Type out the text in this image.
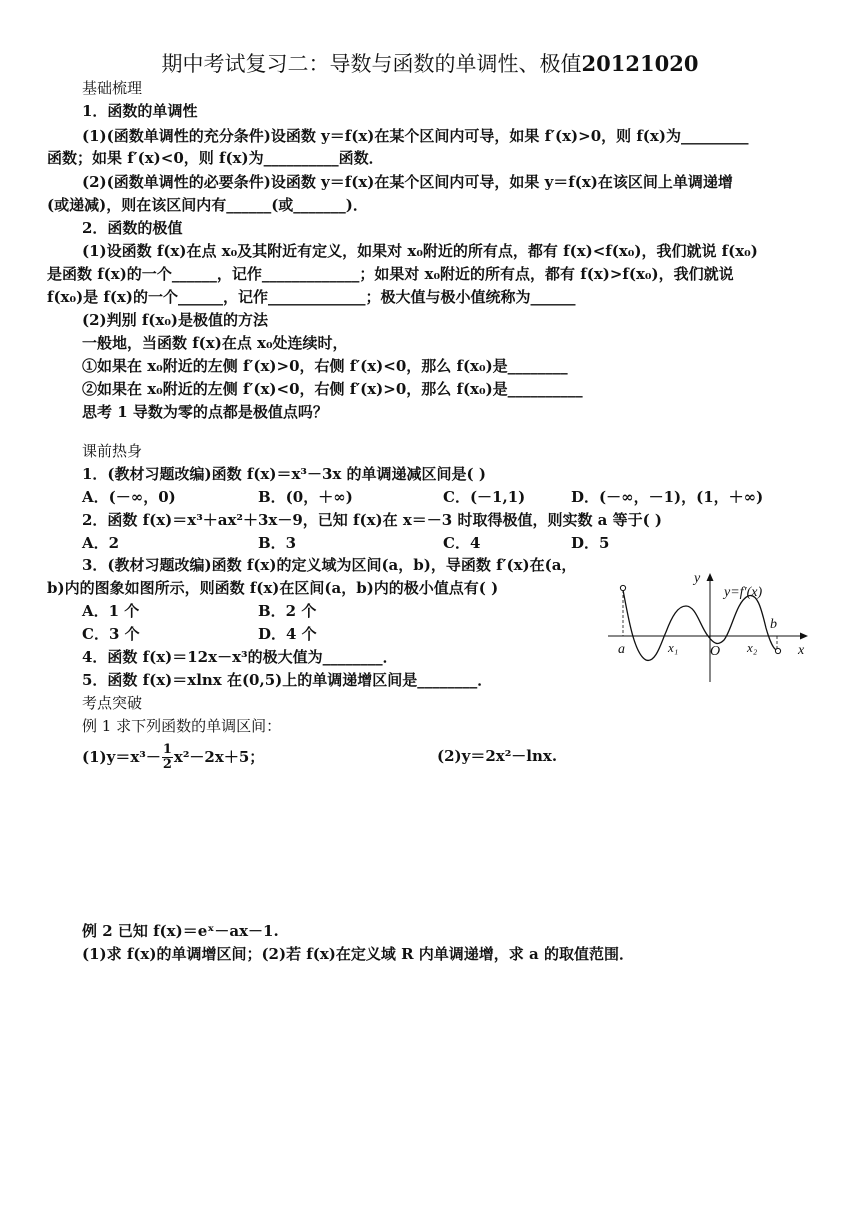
期中考试复习二：导数与函数的单调性、极值20121020
基础梳理
1．函数的单调性
(1)(函数单调性的充分条件)设函数 y＝f(x)在某个区间内可导，如果 f′(x)>0，则 f(x)为_________
函数；如果 f′(x)<0，则 f(x)为__________函数．
(2)(函数单调性的必要条件)设函数 y＝f(x)在某个区间内可导，如果 y＝f(x)在该区间上单调递增
(或递减)，则在该区间内有______(或_______)．
2．函数的极值
(1)设函数 f(x)在点 x₀及其附近有定义，如果对 x₀附近的所有点，都有 f(x)<f(x₀)，我们就说 f(x₀)
是函数 f(x)的一个______，记作_____________；如果对 x₀附近的所有点，都有 f(x)>f(x₀)，我们就说
f(x₀)是 f(x)的一个______，记作_____________；极大值与极小值统称为______
(2)判别 f(x₀)是极值的方法
一般地，当函数 f(x)在点 x₀处连续时，
①如果在 x₀附近的左侧 f′(x)>0，右侧 f′(x)<0，那么 f(x₀)是________
②如果在 x₀附近的左侧 f′(x)<0，右侧 f′(x)>0，那么 f(x₀)是__________
思考 1 导数为零的点都是极值点吗？
课前热身
1．(教材习题改编)函数 f(x)＝x³－3x 的单调递减区间是( )
A．(－∞，0)	B．(0，＋∞)	C．(－1,1)	D．(－∞，－1)，(1，＋∞)
2．函数 f(x)＝x³＋ax²＋3x－9，已知 f(x)在 x＝－3 时取得极值，则实数 a 等于( )
A．2	B．3	C．4	D．5
3．(教材习题改编)函数 f(x)的定义域为区间(a，b)，导函数 f′(x)在(a，
b)内的图象如图所示，则函数 f(x)在区间(a，b)内的极小值点有( )
A．1 个	B．2 个
C．3 个	D．4 个
4．函数 f(x)＝12x－x³的极大值为________．
5．函数 f(x)＝xlnx 在(0,5)上的单调递增区间是________．
y=f′(x)
y
x
O
a
b
x₁	x₂
考点突破
例 1 求下列函数的单调区间：
$(1)y=x^3- \frac{1}{2} x^2-2x+5$；	(2)y＝2x²－lnx.
例 2 已知 f(x)＝eˣ－ax－1.
(1)求 f(x)的单调增区间；(2)若 f(x)在定义域 R 内单调递增，求 a 的取值范围．
